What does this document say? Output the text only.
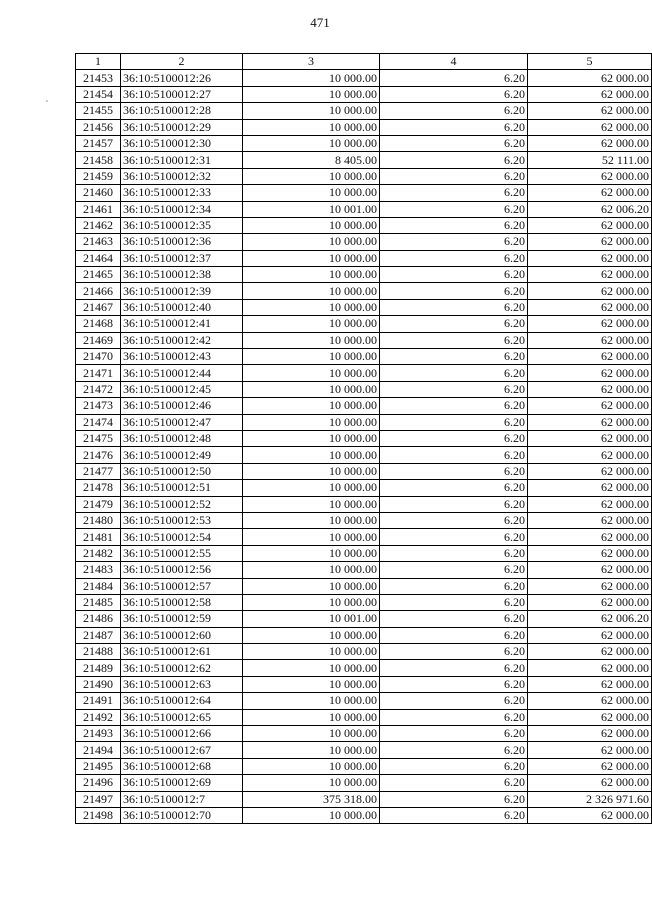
471
1	2	3	4	5
21453	36:10:5100012:26	10 000.00	6.20	62 000.00
21454	36:10:5100012:27	10 000.00	6.20	62 000.00
21455	36:10:5100012:28	10 000.00	6.20	62 000.00
21456	36:10:5100012:29	10 000.00	6.20	62 000.00
21457	36:10:5100012:30	10 000.00	6.20	62 000.00
21458	36:10:5100012:31	8 405.00	6.20	52 111.00
21459	36:10:5100012:32	10 000.00	6.20	62 000.00
21460	36:10:5100012:33	10 000.00	6.20	62 000.00
21461	36:10:5100012:34	10 001.00	6.20	62 006.20
21462	36:10:5100012:35	10 000.00	6.20	62 000.00
21463	36:10:5100012:36	10 000.00	6.20	62 000.00
21464	36:10:5100012:37	10 000.00	6.20	62 000.00
21465	36:10:5100012:38	10 000.00	6.20	62 000.00
21466	36:10:5100012:39	10 000.00	6.20	62 000.00
21467	36:10:5100012:40	10 000.00	6.20	62 000.00
21468	36:10:5100012:41	10 000.00	6.20	62 000.00
21469	36:10:5100012:42	10 000.00	6.20	62 000.00
21470	36:10:5100012:43	10 000.00	6.20	62 000.00
21471	36:10:5100012:44	10 000.00	6.20	62 000.00
21472	36:10:5100012:45	10 000.00	6.20	62 000.00
21473	36:10:5100012:46	10 000.00	6.20	62 000.00
21474	36:10:5100012:47	10 000.00	6.20	62 000.00
21475	36:10:5100012:48	10 000.00	6.20	62 000.00
21476	36:10:5100012:49	10 000.00	6.20	62 000.00
21477	36:10:5100012:50	10 000.00	6.20	62 000.00
21478	36:10:5100012:51	10 000.00	6.20	62 000.00
21479	36:10:5100012:52	10 000.00	6.20	62 000.00
21480	36:10:5100012:53	10 000.00	6.20	62 000.00
21481	36:10:5100012:54	10 000.00	6.20	62 000.00
21482	36:10:5100012:55	10 000.00	6.20	62 000.00
21483	36:10:5100012:56	10 000.00	6.20	62 000.00
21484	36:10:5100012:57	10 000.00	6.20	62 000.00
21485	36:10:5100012:58	10 000.00	6.20	62 000.00
21486	36:10:5100012:59	10 001.00	6.20	62 006.20
21487	36:10:5100012:60	10 000.00	6.20	62 000.00
21488	36:10:5100012:61	10 000.00	6.20	62 000.00
21489	36:10:5100012:62	10 000.00	6.20	62 000.00
21490	36:10:5100012:63	10 000.00	6.20	62 000.00
21491	36:10:5100012:64	10 000.00	6.20	62 000.00
21492	36:10:5100012:65	10 000.00	6.20	62 000.00
21493	36:10:5100012:66	10 000.00	6.20	62 000.00
21494	36:10:5100012:67	10 000.00	6.20	62 000.00
21495	36:10:5100012:68	10 000.00	6.20	62 000.00
21496	36:10:5100012:69	10 000.00	6.20	62 000.00
21497	36:10:5100012:7	375 318.00	6.20	2 326 971.60
21498	36:10:5100012:70	10 000.00	6.20	62 000.00
